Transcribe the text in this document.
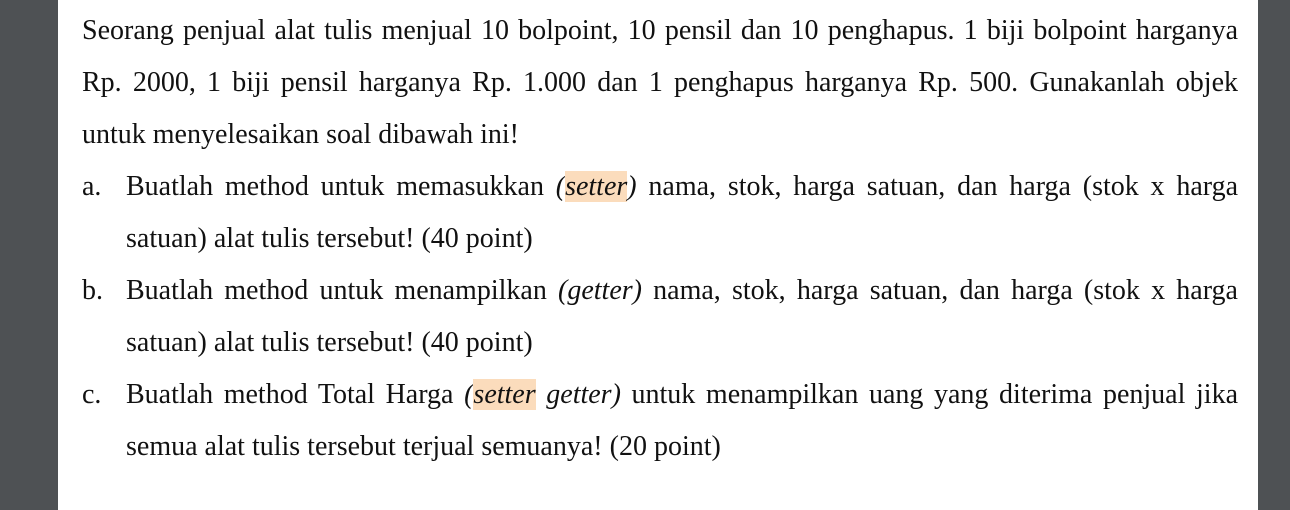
Seorang penjual alat tulis menjual 10 bolpoint, 10 pensil dan 10 penghapus. 1 biji bolpoint harganya Rp. 2000, 1 biji pensil harganya Rp. 1.000 dan 1 penghapus harganya Rp. 500. Gunakanlah objek untuk menyelesaikan soal dibawah ini!

a. Buatlah method untuk memasukkan (setter) nama, stok, harga satuan, dan harga (stok x harga satuan) alat tulis tersebut! (40 point)
b. Buatlah method untuk menampilkan (getter) nama, stok, harga satuan, dan harga (stok x harga satuan) alat tulis tersebut! (40 point)
c. Buatlah method Total Harga (setter getter) untuk menampilkan uang yang diterima penjual jika semua alat tulis tersebut terjual semuanya! (20 point)
